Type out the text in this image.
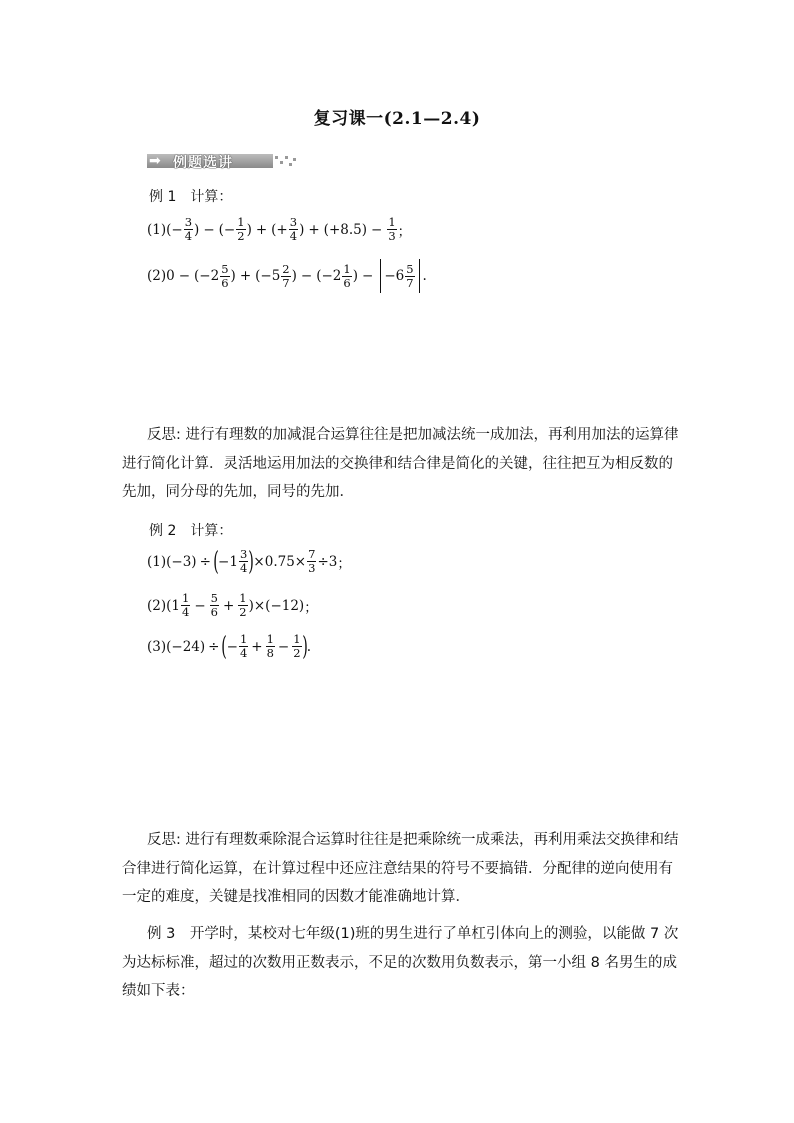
复习课一(2.1—2.4)
➡ 例题选讲
例 1　计算：
(1) (− $\frac{3}{4}$ ) − (− $\frac{1}{2}$ ) + (+ $\frac{3}{4}$ ) + $(+8.5) - \frac{1}{3}$ ；
$(2)0 - (-2 \frac{5}{6}$ ) + ($-5 \frac{2}{7}$ ) − ($-2 \frac{1}{6}$ ) − $-6 \frac{5}{7}$ .
反思: 进行有理数的加减混合运算往往是把加减法统一成加法，再利用加法的运算律进行简化计算．灵活地运用加法的交换律和结合律是简化的关键，往往把互为相反数的先加，同分母的先加，同号的先加．
例 2　计算：
(1) (−3) ÷ ( $-1 \frac{3}{4}$ ) $\times 0.75\times \frac{7}{3} \div 3$ ；
(2) $(1 \frac{1}{4} - \frac{5}{6} + \frac{1}{2} )\times(-12)$ ；
(3) (−24) ÷ ( − $\frac{1}{4} + \frac{1}{8} - \frac{1}{2}$ ) .
反思: 进行有理数乘除混合运算时往往是把乘除统一成乘法，再利用乘法交换律和结合律进行简化运算，在计算过程中还应注意结果的符号不要搞错．分配律的逆向使用有一定的难度，关键是找准相同的因数才能准确地计算．
例 3　开学时，某校对七年级(1)班的男生进行了单杠引体向上的测验，以能做 7 次为达标标准，超过的次数用正数表示，不足的次数用负数表示，第一小组 8 名男生的成绩如下表：
